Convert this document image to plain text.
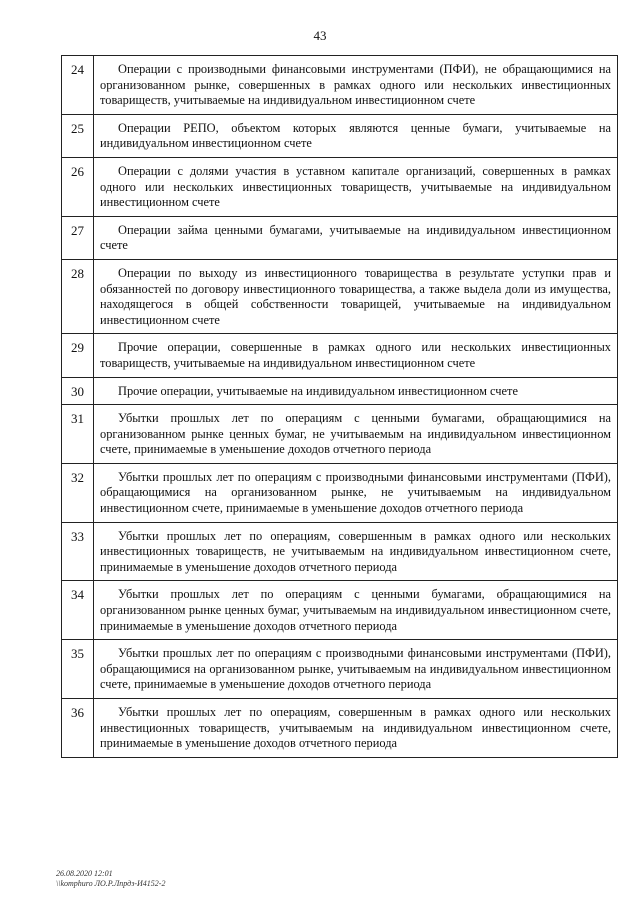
43
24	Операции с производными финансовыми инструментами (ПФИ), не обращающимися на организованном рынке, совершенных в рамках одного или нескольких инвестиционных товариществ, учитываемые на индивидуальном инвестиционном счете

25	Операции РЕПО, объектом которых являются ценные бумаги, учитываемые на индивидуальном инвестиционном счете

26	Операции с долями участия в уставном капитале организаций, совершенных в рамках одного или нескольких инвестиционных товариществ, учитываемые на индивидуальном инвестиционном счете

27	Операции займа ценными бумагами, учитываемые на индивидуальном инвестиционном счете

28	Операции по выходу из инвестиционного товарищества в результате уступки прав и обязанностей по договору инвестиционного товарищества, а также выдела доли из имущества, находящегося в общей собственности товарищей, учитываемые на индивидуальном инвестиционном счете

29	Прочие операции, совершенные в рамках одного или нескольких инвестиционных товариществ, учитываемые на индивидуальном инвестиционном счете

30	Прочие операции, учитываемые на индивидуальном инвестиционном счете

31	Убытки прошлых лет по операциям с ценными бумагами, обращающимися на организованном рынке ценных бумаг, не учитываемым на индивидуальном инвестиционном счете, принимаемые в уменьшение доходов отчетного периода

32	Убытки прошлых лет по операциям с производными финансовыми инструментами (ПФИ), обращающимися на организованном рынке, не учитываемым на индивидуальном инвестиционном счете, принимаемые в уменьшение доходов отчетного периода

33	Убытки прошлых лет по операциям, совершенным в рамках одного или нескольких инвестиционных товариществ, не учитываемым на индивидуальном инвестиционном счете, принимаемые в уменьшение доходов отчетного периода

34	Убытки прошлых лет по операциям с ценными бумагами, обращающимися на организованном рынке ценных бумаг, учитываемым на индивидуальном инвестиционном счете, принимаемые в уменьшение доходов отчетного периода

35	Убытки прошлых лет по операциям с производными финансовыми инструментами (ПФИ), обращающимися на организованном рынке, учитываемым на индивидуальном инвестиционном счете, принимаемые в уменьшение доходов отчетного периода

36	Убытки прошлых лет по операциям, совершенным в рамках одного или нескольких инвестиционных товариществ, учитываемым на индивидуальном инвестиционном счете, принимаемые в уменьшение доходов отчетного периода
26.08.2020 12:01
\\komphuro ЛО.Р.Лпрдз-И4152-2
